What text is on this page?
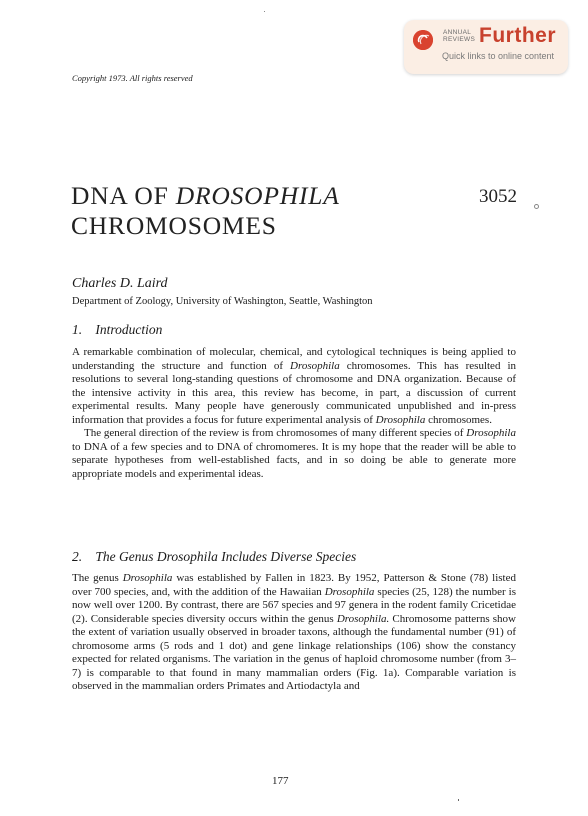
ANNUAL
REVIEWS Further
Quick links to online content
Copyright 1973. All rights reserved
DNA OF DROSOPHILA
CHROMOSOMES
3052
Charles D. Laird
Department of Zoology, University of Washington, Seattle, Washington
1. Introduction

A remarkable combination of molecular, chemical, and cytological techniques is being applied to understanding the structure and function of Drosophila chromosomes. This has resulted in resolutions to several long-standing questions of chromosome and DNA organization. Because of the intensive activity in this area, this review has become, in part, a discussion of current experimental results. Many people have generously communicated unpublished and in-press information that provides a focus for future experimental analysis of Drosophila chromosomes.

The general direction of the review is from chromosomes of many different species of Drosophila to DNA of a few species and to DNA of chromomeres. It is my hope that the reader will be able to separate hypotheses from well-established facts, and in so doing be able to generate more appropriate models and experimental ideas.

2. The Genus Drosophila Includes Diverse Species

The genus Drosophila was established by Fallen in 1823. By 1952, Patterson & Stone (78) listed over 700 species, and, with the addition of the Hawaiian Drosophila species (25, 128) the number is now well over 1200. By contrast, there are 567 species and 97 genera in the rodent family Cricetidae (2). Considerable species diversity occurs within the genus Drosophila. Chromosome patterns show the extent of variation usually observed in broader taxons, although the fundamental number (91) of chromosome arms (5 rods and 1 dot) and gene linkage relationships (106) show the constancy expected for related organisms. The variation in the genus of haploid chromosome number (from 3–7) is comparable to that found in many mammalian orders (Fig. 1a). Comparable variation is observed in the mammalian orders Primates and Artiodactyla and

177
